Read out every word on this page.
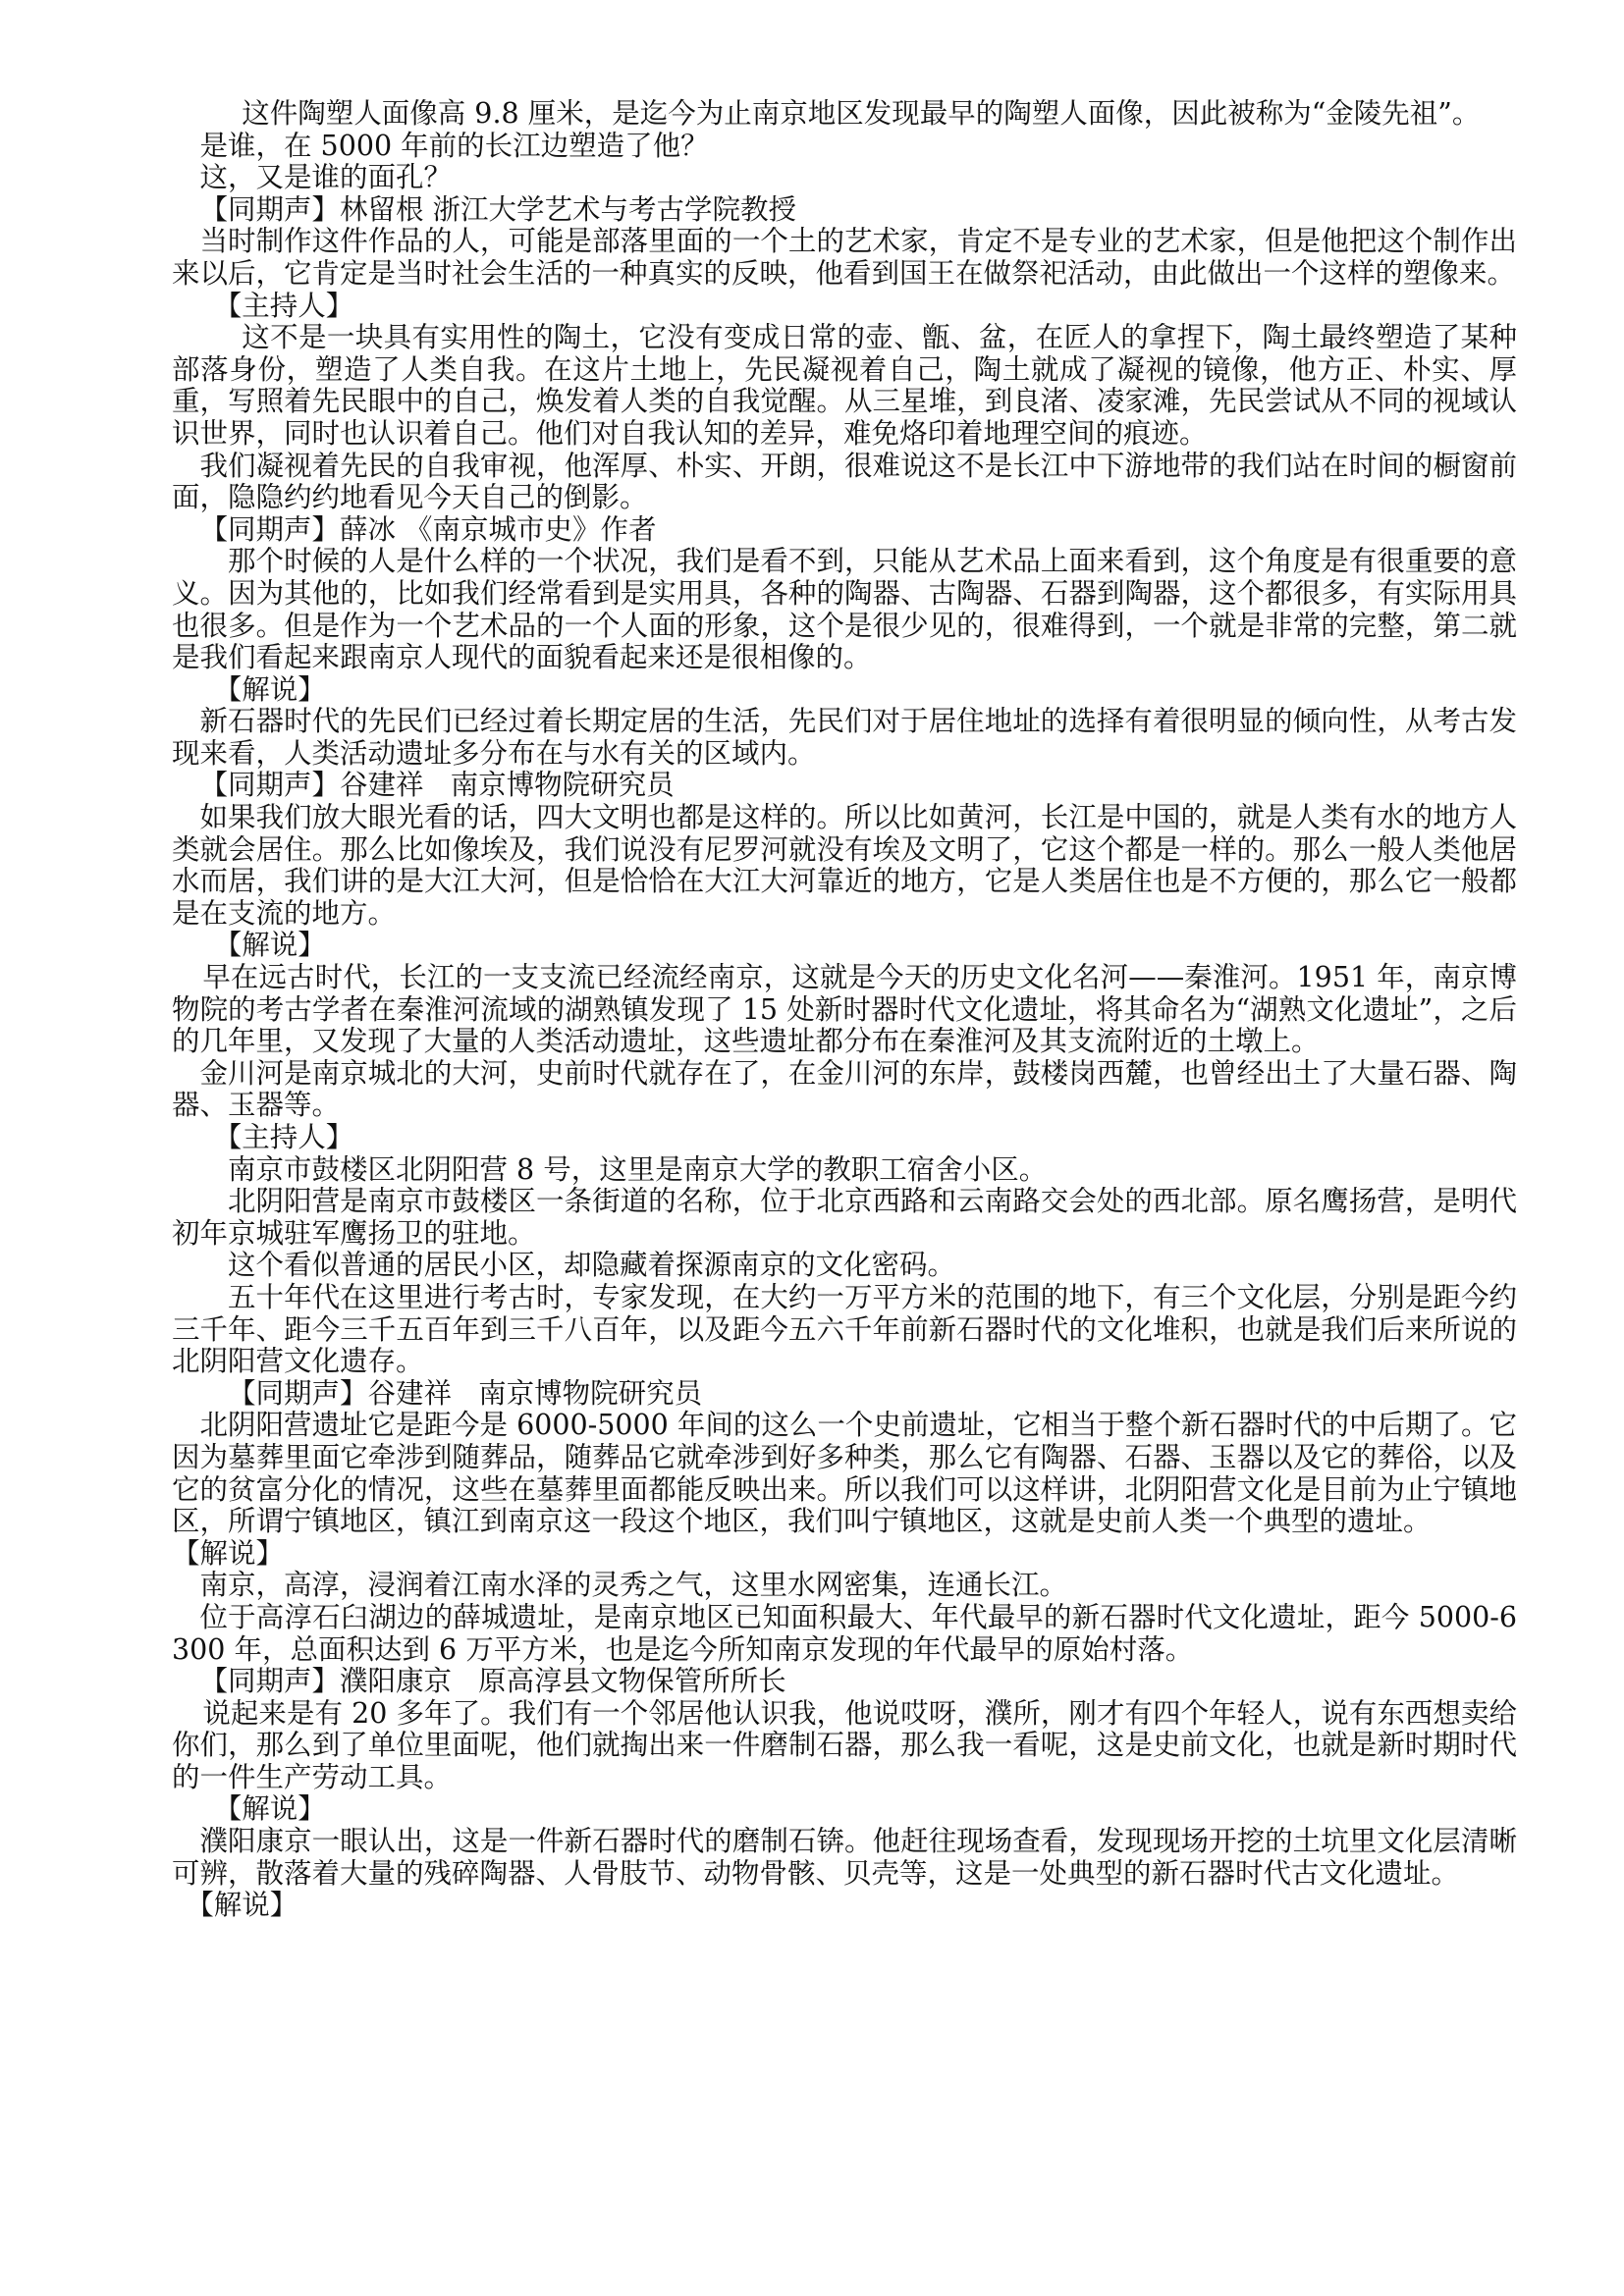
这件陶塑人面像高 9.8 厘米，是迄今为止南京地区发现最早的陶塑人面像，因此被称为“金陵先祖”。

是谁，在 5000 年前的长江边塑造了他？

这，又是谁的面孔？

【同期声】林留根 浙江大学艺术与考古学院教授

当时制作这件作品的人，可能是部落里面的一个土的艺术家，肯定不是专业的艺术家，但是他把这个制作出来以后，它肯定是当时社会生活的一种真实的反映，他看到国王在做祭祀活动，由此做出一个这样的塑像来。

【主持人】

这不是一块具有实用性的陶土，它没有变成日常的壶、甑、盆，在匠人的拿捏下，陶土最终塑造了某种部落身份，塑造了人类自我。在这片土地上，先民凝视着自己，陶土就成了凝视的镜像，他方正、朴实、厚重，写照着先民眼中的自己，焕发着人类的自我觉醒。从三星堆，到良渚、凌家滩，先民尝试从不同的视域认识世界，同时也认识着自己。他们对自我认知的差异，难免烙印着地理空间的痕迹。

我们凝视着先民的自我审视，他浑厚、朴实、开朗，很难说这不是长江中下游地带的我们站在时间的橱窗前面，隐隐约约地看见今天自己的倒影。

【同期声】薛冰 《南京城市史》作者

那个时候的人是什么样的一个状况，我们是看不到，只能从艺术品上面来看到，这个角度是有很重要的意义。因为其他的，比如我们经常看到是实用具，各种的陶器、古陶器、石器到陶器，这个都很多，有实际用具也很多。但是作为一个艺术品的一个人面的形象，这个是很少见的，很难得到，一个就是非常的完整，第二就是我们看起来跟南京人现代的面貌看起来还是很相像的。

【解说】

新石器时代的先民们已经过着长期定居的生活，先民们对于居住地址的选择有着很明显的倾向性，从考古发现来看，人类活动遗址多分布在与水有关的区域内。

【同期声】谷建祥   南京博物院研究员

如果我们放大眼光看的话，四大文明也都是这样的。所以比如黄河，长江是中国的，就是人类有水的地方人类就会居住。那么比如像埃及，我们说没有尼罗河就没有埃及文明了，它这个都是一样的。那么一般人类他居水而居，我们讲的是大江大河，但是恰恰在大江大河靠近的地方，它是人类居住也是不方便的，那么它一般都是在支流的地方。

【解说】

早在远古时代，长江的一支支流已经流经南京，这就是今天的历史文化名河——秦淮河。1951 年，南京博物院的考古学者在秦淮河流域的湖熟镇发现了 15 处新时器时代文化遗址，将其命名为“湖熟文化遗址”，之后的几年里，又发现了大量的人类活动遗址，这些遗址都分布在秦淮河及其支流附近的土墩上。

金川河是南京城北的大河，史前时代就存在了，在金川河的东岸，鼓楼岗西麓，也曾经出土了大量石器、陶器、玉器等。

【主持人】

南京市鼓楼区北阴阳营 8 号，这里是南京大学的教职工宿舍小区。

北阴阳营是南京市鼓楼区一条街道的名称，位于北京西路和云南路交会处的西北部。原名鹰扬营，是明代初年京城驻军鹰扬卫的驻地。

这个看似普通的居民小区，却隐藏着探源南京的文化密码。

五十年代在这里进行考古时，专家发现，在大约一万平方米的范围的地下，有三个文化层，分别是距今约三千年、距今三千五百年到三千八百年，以及距今五六千年前新石器时代的文化堆积，也就是我们后来所说的北阴阳营文化遗存。

【同期声】谷建祥   南京博物院研究员

北阴阳营遗址它是距今是 6000-5000 年间的这么一个史前遗址，它相当于整个新石器时代的中后期了。它因为墓葬里面它牵涉到随葬品，随葬品它就牵涉到好多种类，那么它有陶器、石器、玉器以及它的葬俗，以及它的贫富分化的情况，这些在墓葬里面都能反映出来。所以我们可以这样讲，北阴阳营文化是目前为止宁镇地区，所谓宁镇地区，镇江到南京这一段这个地区，我们叫宁镇地区，这就是史前人类一个典型的遗址。

【解说】

南京，高淳，浸润着江南水泽的灵秀之气，这里水网密集，连通长江。

位于高淳石臼湖边的薛城遗址，是南京地区已知面积最大、年代最早的新石器时代文化遗址，距今 5000-6300 年，总面积达到 6 万平方米，也是迄今所知南京发现的年代最早的原始村落。

【同期声】濮阳康京   原高淳县文物保管所所长

说起来是有 20 多年了。我们有一个邻居他认识我，他说哎呀，濮所，刚才有四个年轻人，说有东西想卖给你们，那么到了单位里面呢，他们就掏出来一件磨制石器，那么我一看呢，这是史前文化，也就是新时期时代的一件生产劳动工具。

【解说】

濮阳康京一眼认出，这是一件新石器时代的磨制石锛。他赶往现场查看，发现现场开挖的土坑里文化层清晰可辨，散落着大量的残碎陶器、人骨肢节、动物骨骸、贝壳等，这是一处典型的新石器时代古文化遗址。

【解说】
